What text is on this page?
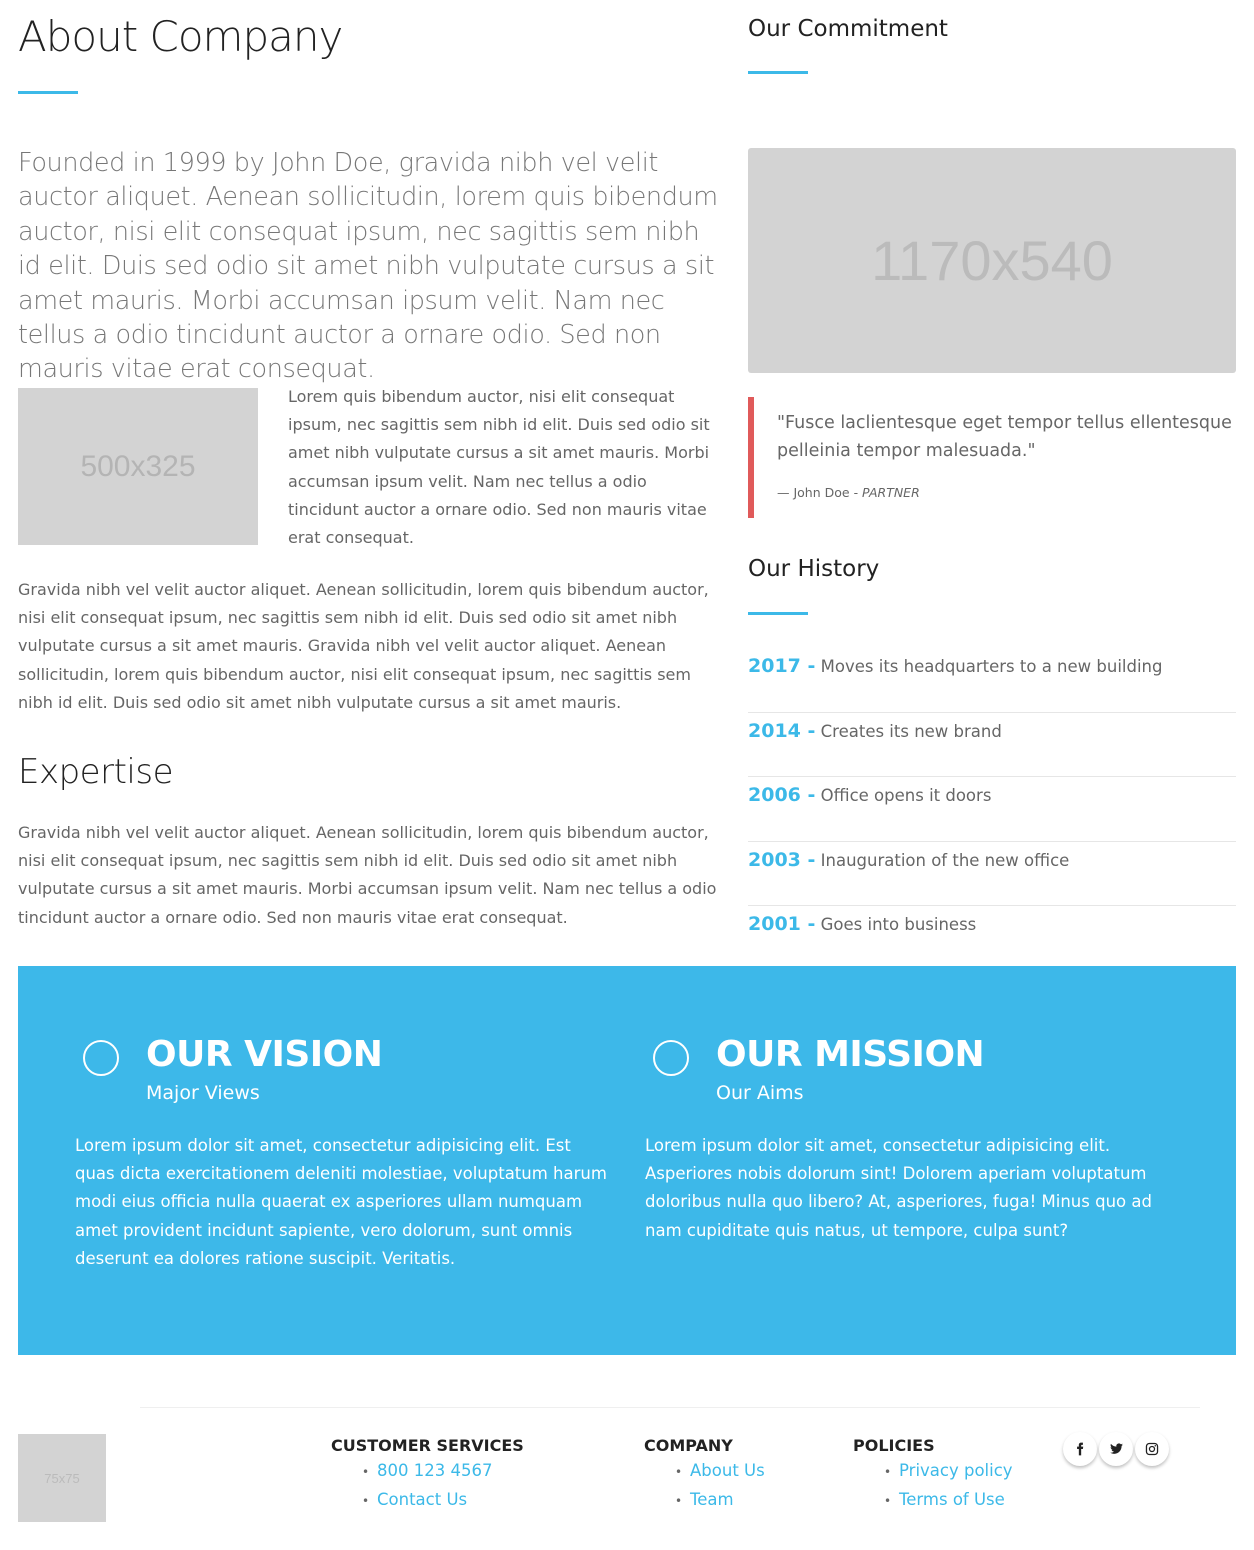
About Company

Founded in 1999 by John Doe, gravida nibh vel velit auctor aliquet. Aenean sollicitudin, lorem quis bibendum auctor, nisi elit consequat ipsum, nec sagittis sem nibh id elit. Duis sed odio sit amet nibh vulputate cursus a sit amet mauris. Morbi accumsan ipsum velit. Nam nec tellus a odio tincidunt auctor a ornare odio. Sed non mauris vitae erat consequat.

500x325

Lorem quis bibendum auctor, nisi elit consequat ipsum, nec sagittis sem nibh id elit. Duis sed odio sit amet nibh vulputate cursus a sit amet mauris. Morbi accumsan ipsum velit. Nam nec tellus a odio tincidunt auctor a ornare odio. Sed non mauris vitae erat consequat.

Gravida nibh vel velit auctor aliquet. Aenean sollicitudin, lorem quis bibendum auctor, nisi elit consequat ipsum, nec sagittis sem nibh id elit. Duis sed odio sit amet nibh vulputate cursus a sit amet mauris. Gravida nibh vel velit auctor aliquet. Aenean sollicitudin, lorem quis bibendum auctor, nisi elit consequat ipsum, nec sagittis sem nibh id elit. Duis sed odio sit amet nibh vulputate cursus a sit amet mauris.

Expertise

Gravida nibh vel velit auctor aliquet. Aenean sollicitudin, lorem quis bibendum auctor, nisi elit consequat ipsum, nec sagittis sem nibh id elit. Duis sed odio sit amet nibh vulputate cursus a sit amet mauris. Morbi accumsan ipsum velit. Nam nec tellus a odio tincidunt auctor a ornare odio. Sed non mauris vitae erat consequat.

Our Commitment
1170x540

"Fusce laclientesque eget tempor tellus ellentesque pelleinia tempor malesuada."

— John Doe - PARTNER
Our History
2017 - Moves its headquarters to a new building
2014 - Creates its new brand
2006 - Office opens it doors
2003 - Inauguration of the new office
2001 - Goes into business
OUR VISION
Major Views

Lorem ipsum dolor sit amet, consectetur adipisicing elit. Est quas dicta exercitationem deleniti molestiae, voluptatum harum modi eius officia nulla quaerat ex asperiores ullam numquam amet provident incidunt sapiente, vero dolorum, sunt omnis deserunt ea dolores ratione suscipit. Veritatis.

OUR MISSION
Our Aims

Lorem ipsum dolor sit amet, consectetur adipisicing elit. Asperiores nobis dolorum sint! Dolorem aperiam voluptatum doloribus nulla quo libero? At, asperiores, fuga! Minus quo ad nam cupiditate quis natus, ut tempore, culpa sunt?

75x75
CUSTOMER SERVICES
• 800 123 4567
• Contact Us
COMPANY
• About Us
• Team
POLICIES
• Privacy policy
• Terms of Use
